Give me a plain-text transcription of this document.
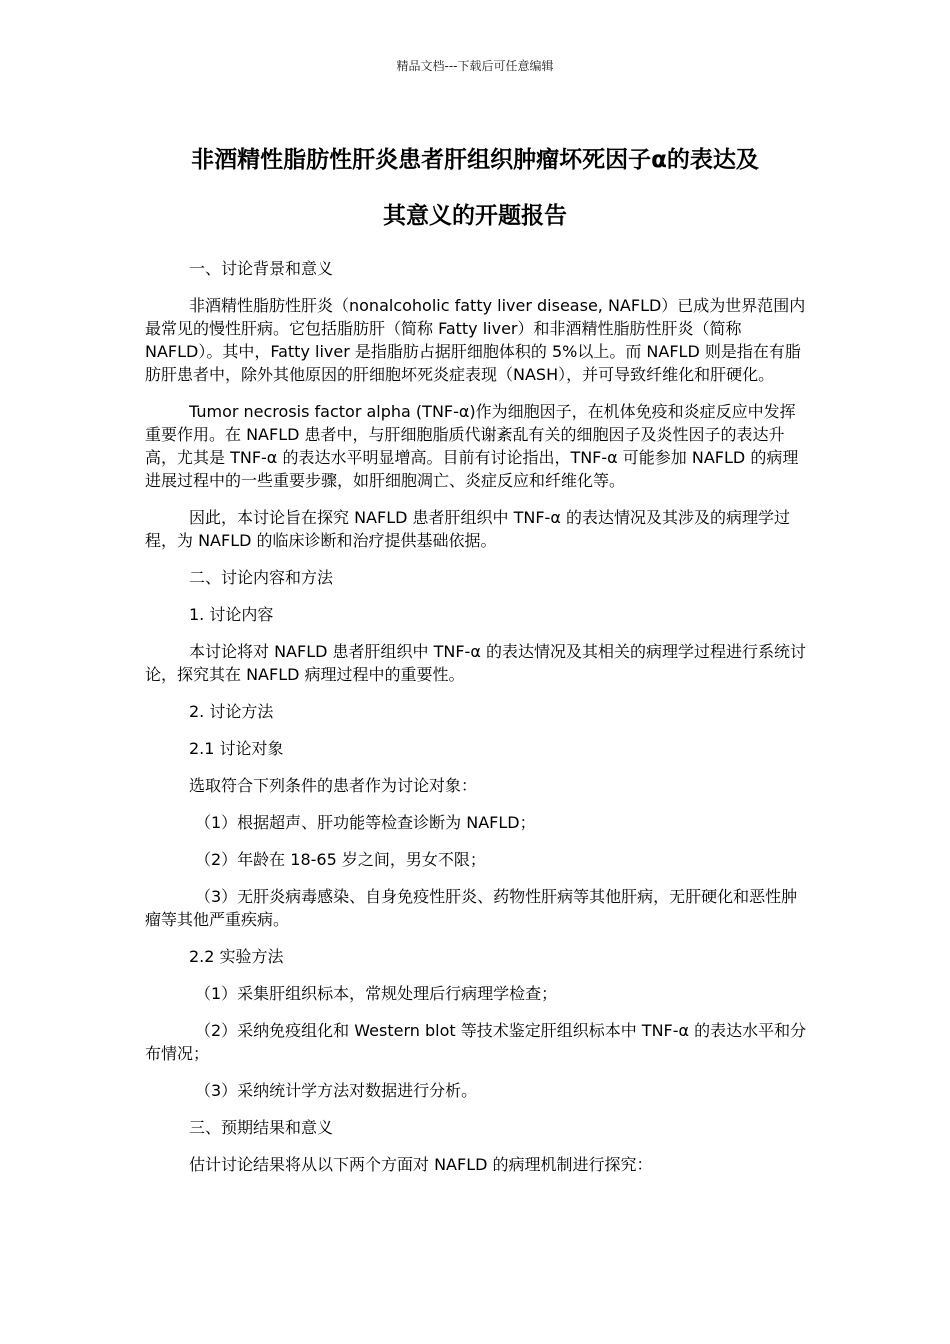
精品文档---下载后可任意编辑
非酒精性脂肪性肝炎患者肝组织肿瘤坏死因子α的表达及
其意义的开题报告

一、讨论背景和意义

非酒精性脂肪性肝炎（nonalcoholic fatty liver disease, NAFLD）已成为世界范围内最常见的慢性肝病。它包括脂肪肝（简称 Fatty liver）和非酒精性脂肪性肝炎（简称 NAFLD）。其中，Fatty liver 是指脂肪占据肝细胞体积的 5%以上。而 NAFLD 则是指在有脂肪肝患者中，除外其他原因的肝细胞坏死炎症表现（NASH），并可导致纤维化和肝硬化。

Tumor necrosis factor alpha (TNF-α)作为细胞因子，在机体免疫和炎症反应中发挥重要作用。在 NAFLD 患者中，与肝细胞脂质代谢紊乱有关的细胞因子及炎性因子的表达升高，尤其是 TNF-α 的表达水平明显增高。目前有讨论指出，TNF-α 可能参加 NAFLD 的病理进展过程中的一些重要步骤，如肝细胞凋亡、炎症反应和纤维化等。

因此，本讨论旨在探究 NAFLD 患者肝组织中 TNF-α 的表达情况及其涉及的病理学过程，为 NAFLD 的临床诊断和治疗提供基础依据。

二、讨论内容和方法

1. 讨论内容

本讨论将对 NAFLD 患者肝组织中 TNF-α 的表达情况及其相关的病理学过程进行系统讨论，探究其在 NAFLD 病理过程中的重要性。

2. 讨论方法

2.1 讨论对象

选取符合下列条件的患者作为讨论对象：

（1）根据超声、肝功能等检查诊断为 NAFLD；

（2）年龄在 18-65 岁之间，男女不限；

（3）无肝炎病毒感染、自身免疫性肝炎、药物性肝病等其他肝病，无肝硬化和恶性肿瘤等其他严重疾病。

2.2 实验方法

（1）采集肝组织标本，常规处理后行病理学检查；

（2）采纳免疫组化和 Western blot 等技术鉴定肝组织标本中 TNF-α 的表达水平和分布情况；

（3）采纳统计学方法对数据进行分析。

三、预期结果和意义

估计讨论结果将从以下两个方面对 NAFLD 的病理机制进行探究：
